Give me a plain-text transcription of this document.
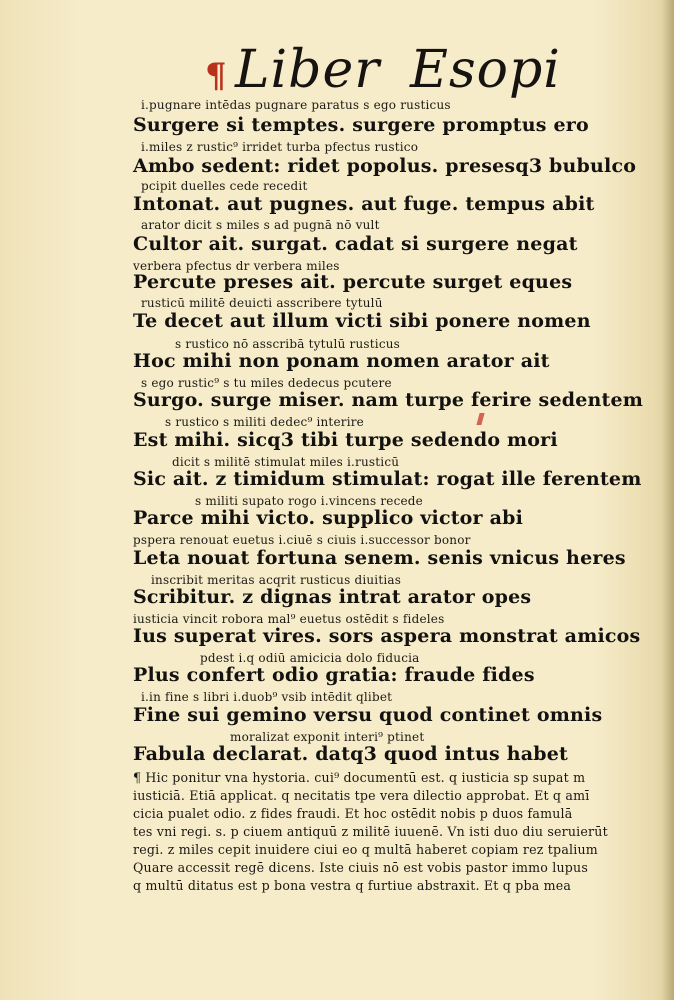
¶ Liber Esopi
i.pugnare intēdas pugnare paratus s ego rusticus
Surgere si temptes. surgere promptus ero
i.miles z rustic⁹ irridet turba pfectus rustico
Ambo sedent: ridet popolus. presesq3 bubulco
pcipit duelles cede recedit
Intonat. aut pugnes. aut fuge. tempus abit
arator dicit s miles s ad pugnā nō vult
Cultor ait. surgat. cadat si surgere negat
verbera pfectus dr verbera miles
Percute preses ait. percute surget eques
rusticū militē deuicti asscribere tytulū
Te decet aut illum victi sibi ponere nomen
s rustico nō asscribā tytulū rusticus
Hoc mihi non ponam nomen arator ait
s ego rustic⁹ s tu miles dedecus pcutere
Surgo. surge miser. nam turpe ferire sedentem
s rustico s militi dedec⁹ interire
Est mihi. sicq3 tibi turpe sedendo mori
dicit s militē stimulat miles i.rusticū
Sic ait. z timidum stimulat: rogat ille ferentem
s militi supato rogo i.vincens recede
Parce mihi victo. supplico victor abi
pspera renouat euetus i.ciuē s ciuis i.successor bonor
Leta nouat fortuna senem. senis vnicus heres
inscribit meritas acqrit rusticus diuitias
Scribitur. z dignas intrat arator opes
iusticia vincit robora mal⁹ euetus ostēdit s fideles
Ius superat vires. sors aspera monstrat amicos
pdest i.q odiū amicicia dolo fiducia
Plus confert odio gratia: fraude fides
i.in fine s libri i.duob⁹ vsib intēdit qlibet
Fine sui gemino versu quod continet omnis
moralizat exponit interi⁹ ptinet
Fabula declarat. datq3 quod intus habet
¶ Hic ponitur vna hystoria. cui⁹ documentū est. q iusticia sp supat m
iusticiā. Etiā applicat. q necitatis tpe vera dilectio approbat. Et q amī
cicia pualet odio. z fides fraudi. Et hoc ostēdit nobis p duos famulā
tes vni regi. s. p ciuem antiquū z militē iuuenē. Vn isti duo diu seruierūt
regi. z miles cepit inuidere ciui eo q multā haberet copiam rez tpalium
Quare accessit regē dicens. Iste ciuis nō est vobis pastor immo lupus
q multū ditatus est p bona vestra q furtiue abstraxit. Et q pba mea
